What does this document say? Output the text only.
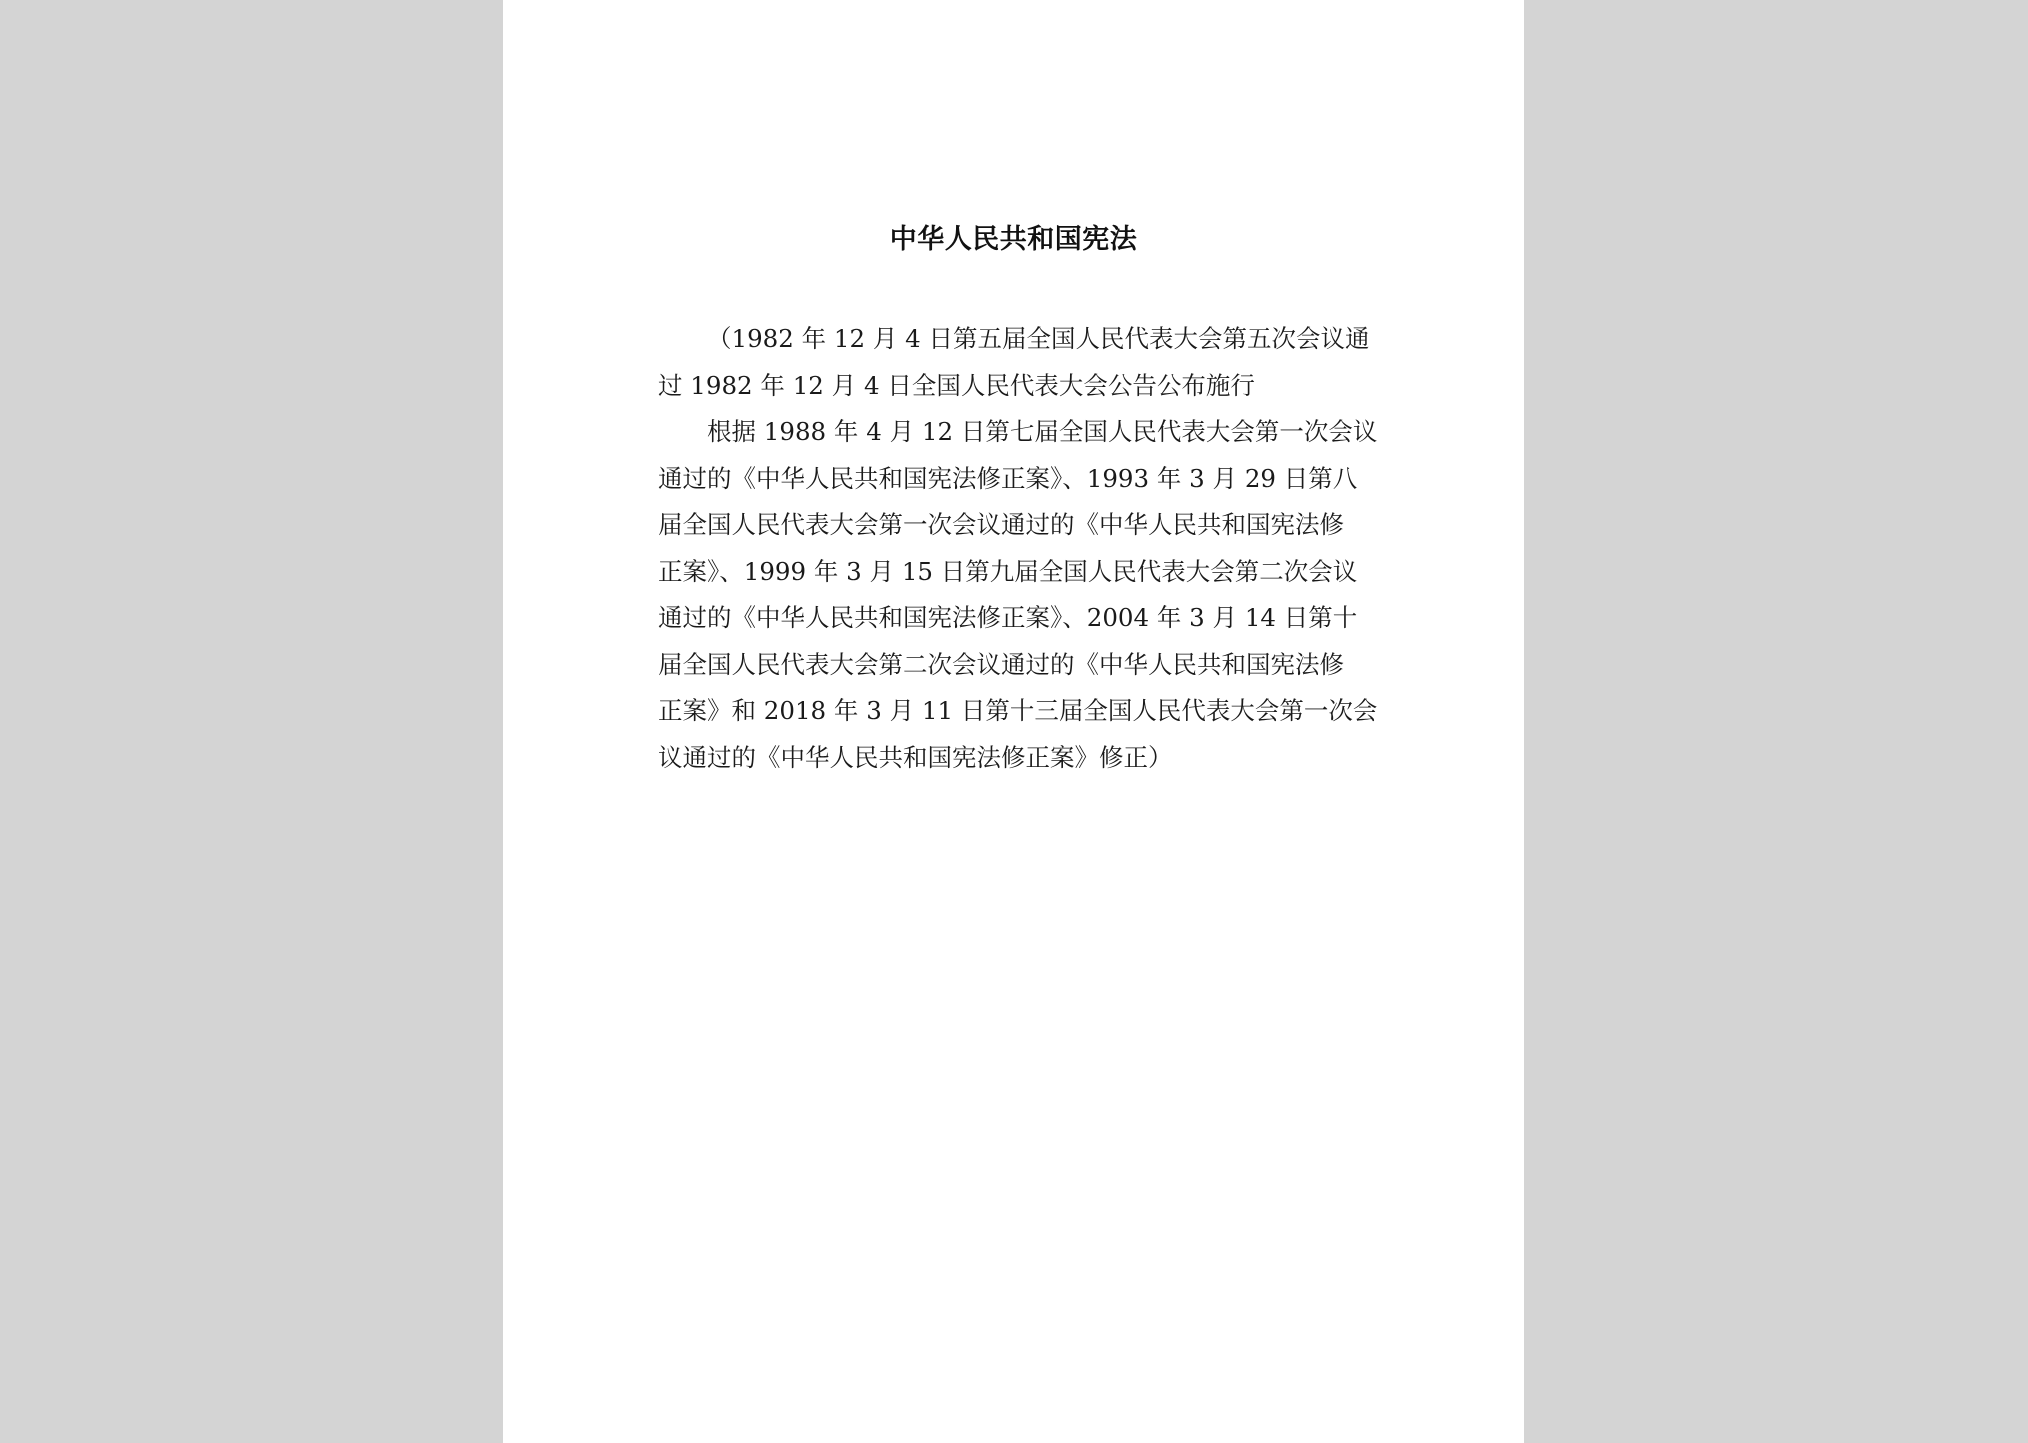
中华人民共和国宪法
（1982 年 12 月 4 日第五届全国人民代表大会第五次会议通
过 1982 年 12 月 4 日全国人民代表大会公告公布施行
根据 1988 年 4 月 12 日第七届全国人民代表大会第一次会议
通过的《中华人民共和国宪法修正案》、1993 年 3 月 29 日第八
届全国人民代表大会第一次会议通过的《中华人民共和国宪法修
正案》、1999 年 3 月 15 日第九届全国人民代表大会第二次会议
通过的《中华人民共和国宪法修正案》、2004 年 3 月 14 日第十
届全国人民代表大会第二次会议通过的《中华人民共和国宪法修
正案》和 2018 年 3 月 11 日第十三届全国人民代表大会第一次会
议通过的《中华人民共和国宪法修正案》修正）
